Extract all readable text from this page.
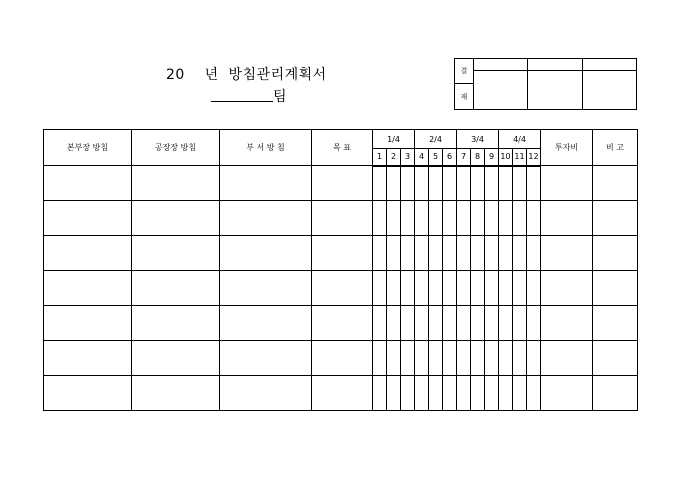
20    년  방침관리계획서
팀
결			

재			
본부장 방침	공장장 방침	부 서 방 침	목 표	1/4			2/4			3/4			4/4			투자비	비 고
				1	2	3	4	5	6	7	8	9	10	11	12		
